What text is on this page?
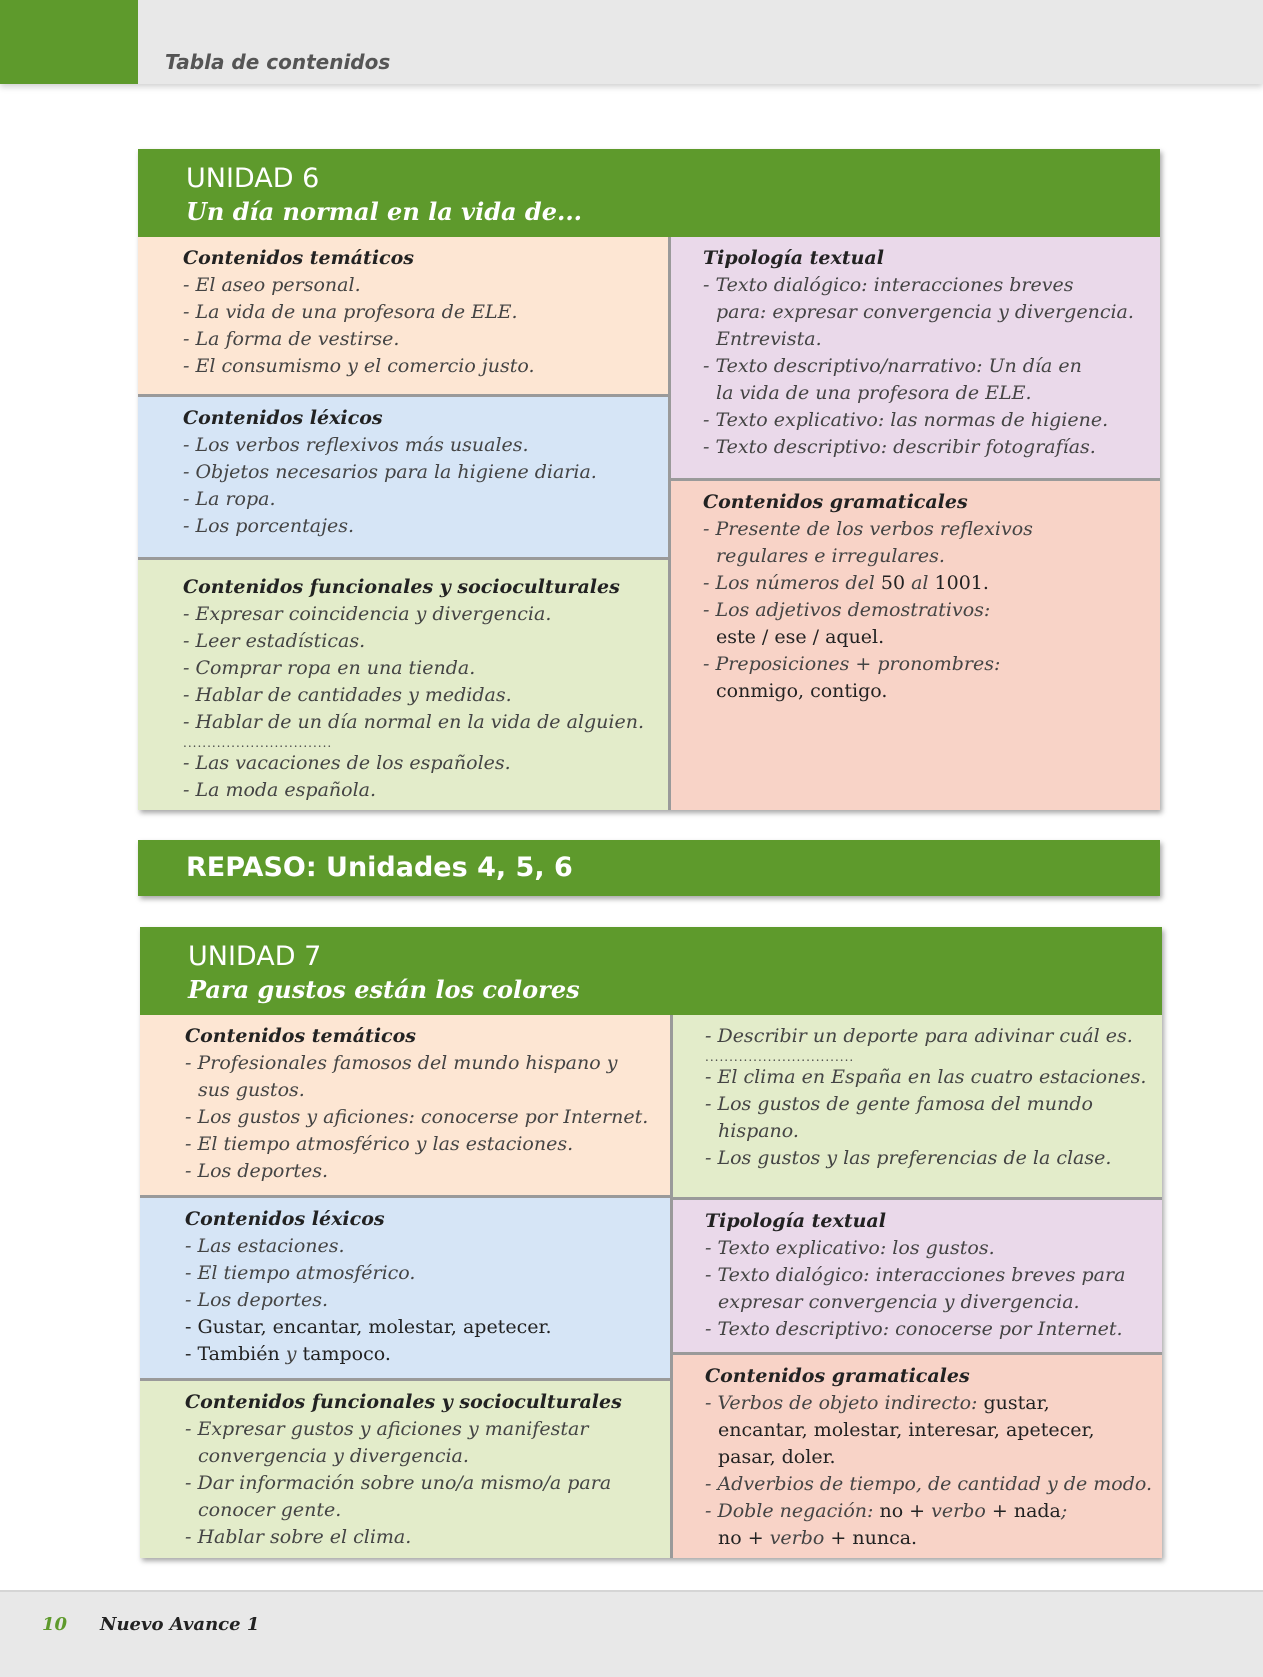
Tabla de contenidos
UNIDAD 6
Un día normal en la vida de...
Contenidos temáticos
- El aseo personal.
- La vida de una profesora de ELE.
- La forma de vestirse.
- El consumismo y el comercio justo.
Contenidos léxicos
- Los verbos reflexivos más usuales.
- Objetos necesarios para la higiene diaria.
- La ropa.
- Los porcentajes.
Contenidos funcionales y socioculturales
- Expresar coincidencia y divergencia.
- Leer estadísticas.
- Comprar ropa en una tienda.
- Hablar de cantidades y medidas.
- Hablar de un día normal en la vida de alguien.
...............................
- Las vacaciones de los españoles.
- La moda española.
Tipología textual
- Texto dialógico: interacciones breves
para: expresar convergencia y divergencia.
Entrevista.
- Texto descriptivo/narrativo: Un día en
la vida de una profesora de ELE.
- Texto explicativo: las normas de higiene.
- Texto descriptivo: describir fotografías.
Contenidos gramaticales
- Presente de los verbos reflexivos
regulares e irregulares.
- Los números del 50 al 1001.
- Los adjetivos demostrativos:
este / ese / aquel.
- Preposiciones + pronombres:
conmigo, contigo.
REPASO: Unidades 4, 5, 6
UNIDAD 7
Para gustos están los colores
Contenidos temáticos
- Profesionales famosos del mundo hispano y
sus gustos.
- Los gustos y aficiones: conocerse por Internet.
- El tiempo atmosférico y las estaciones.
- Los deportes.
Contenidos léxicos
- Las estaciones.
- El tiempo atmosférico.
- Los deportes.
- Gustar, encantar, molestar, apetecer.
- También y tampoco.
Contenidos funcionales y socioculturales
- Expresar gustos y aficiones y manifestar
convergencia y divergencia.
- Dar información sobre uno/a mismo/a para
conocer gente.
- Hablar sobre el clima.
- Describir un deporte para adivinar cuál es.
...............................
- El clima en España en las cuatro estaciones.
- Los gustos de gente famosa del mundo
hispano.
- Los gustos y las preferencias de la clase.
Tipología textual
- Texto explicativo: los gustos.
- Texto dialógico: interacciones breves para
expresar convergencia y divergencia.
- Texto descriptivo: conocerse por Internet.
Contenidos gramaticales
- Verbos de objeto indirecto: gustar,
encantar, molestar, interesar, apetecer,
pasar, doler.
- Adverbios de tiempo, de cantidad y de modo.
- Doble negación: no + verbo + nada;
no + verbo + nunca.
10 Nuevo Avance 1
